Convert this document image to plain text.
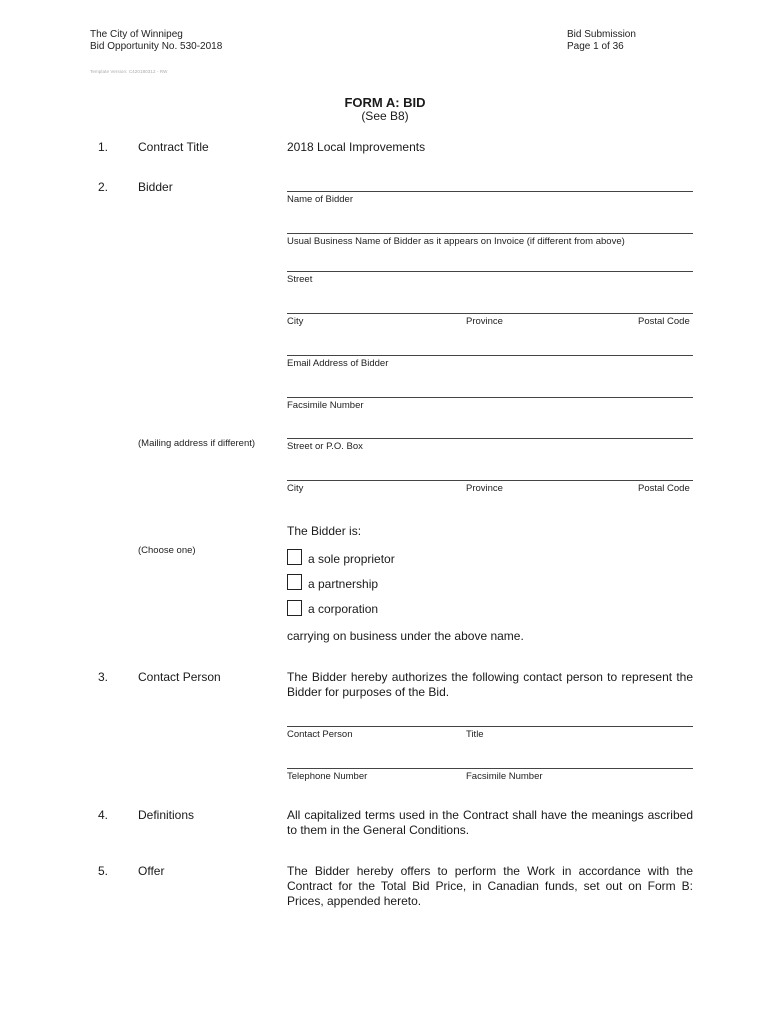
The City of Winnipeg
Bid Opportunity No. 530-2018
Bid Submission
Page 1 of 36
Template Version: C420180312 - RW
FORM A: BID
(See B8)
1. Contract Title	2018 Local Improvements
2. Bidder
Name of Bidder
Usual Business Name of Bidder as it appears on Invoice (if different from above)
Street
City	Province	Postal Code
Email Address of Bidder
Facsimile Number
(Mailing address if different)	Street or P.O. Box
City	Province	Postal Code
The Bidder is:
(Choose one)
a sole proprietor
a partnership
a corporation
carrying on business under the above name.
3. Contact Person	The Bidder hereby authorizes the following contact person to represent the Bidder for purposes of the Bid.
Contact Person	Title
Telephone Number	Facsimile Number
4. Definitions	All capitalized terms used in the Contract shall have the meanings ascribed to them in the General Conditions.
5. Offer	The Bidder hereby offers to perform the Work in accordance with the Contract for the Total Bid Price, in Canadian funds, set out on Form B: Prices, appended hereto.
